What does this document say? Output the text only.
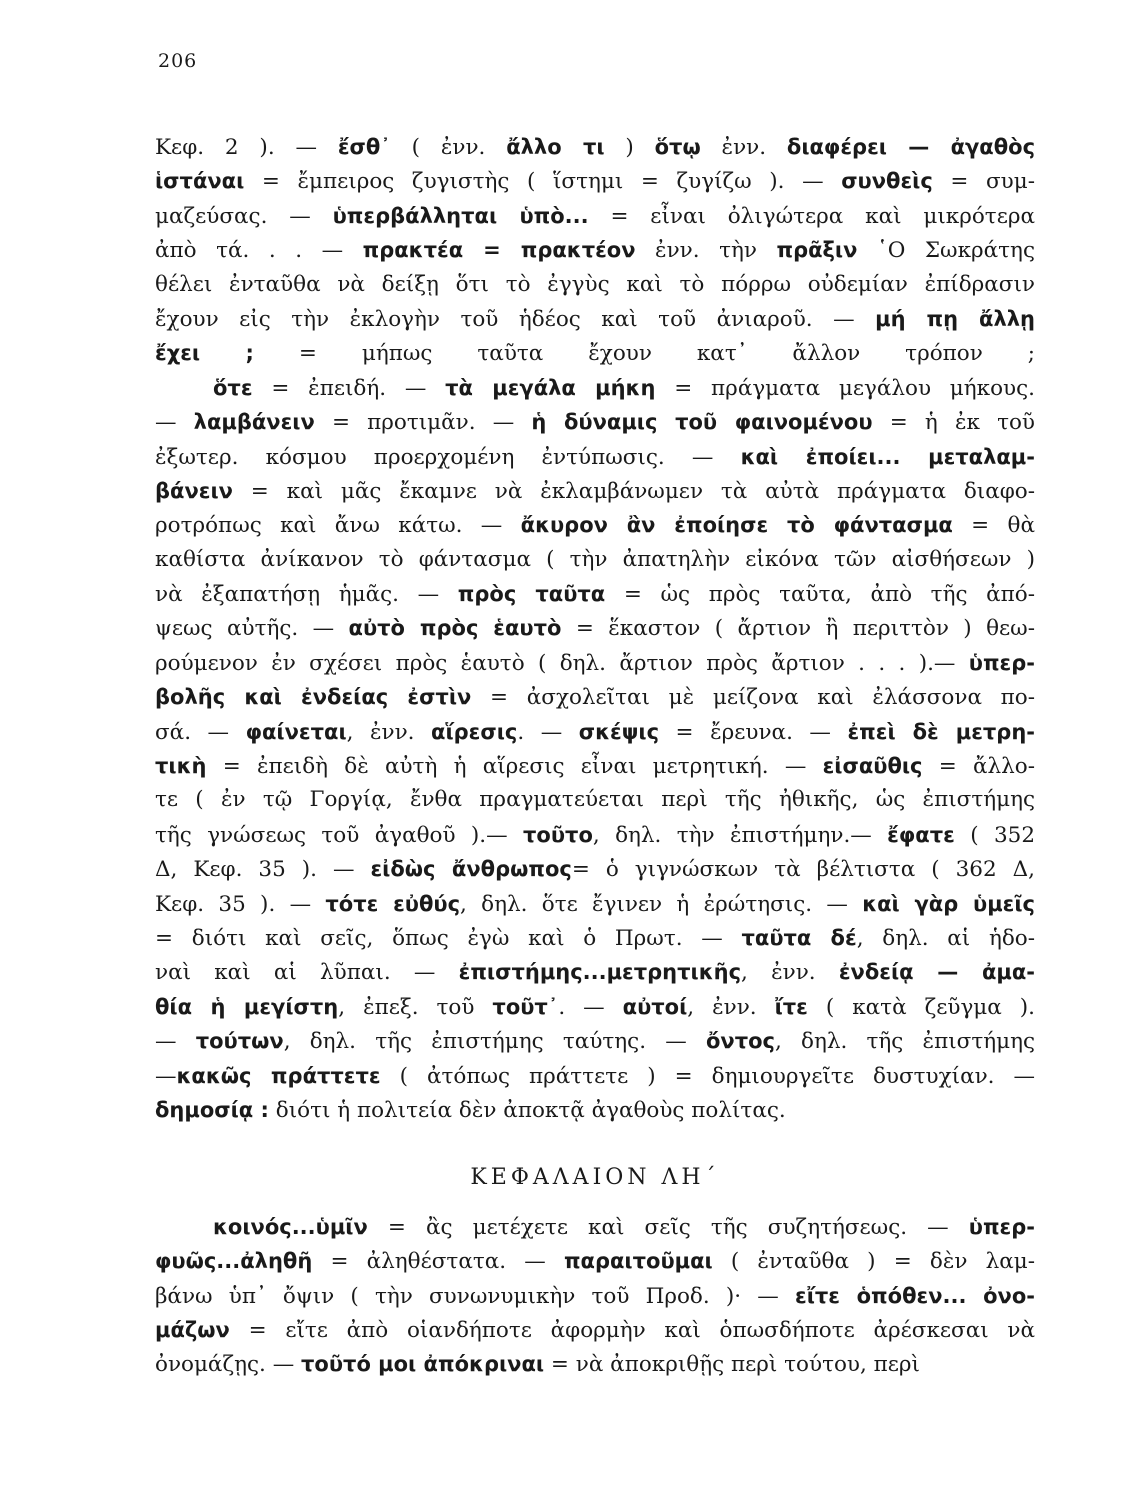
206
Κεφ. 2 ). — ἔσθ᾽ ( ἐνν. ἄλλο τι ) ὅτῳ ἐνν. διαφέρει — ἀγαθὸς
ἱστάναι = ἔμπειρος ζυγιστὴς ( ἵστημι = ζυγίζω ). — συνθεὶς = συμ-
μαζεύσας. — ὑπερβάλληται ὑπὸ... = εἶναι ὀλιγώτερα καὶ μικρότερα
ἀπὸ τά. . . — πρακτέα = πρακτέον ἐνν. τὴν πρᾶξιν ῾Ο Σωκράτης
θέλει ἐνταῦθα νὰ δείξῃ ὅτι τὸ ἐγγὺς καὶ τὸ πόρρω οὐδεμίαν ἐπίδρασιν
ἔχουν εἰς τὴν ἐκλογὴν τοῦ ἡδέος καὶ τοῦ ἀνιαροῦ. — μή πῃ ἄλλῃ
ἔχει ; = μήπως ταῦτα ἔχουν κατ᾽ ἄλλον τρόπον ;
ὅτε = ἐπειδή. — τὰ μεγάλα μήκη = πράγματα μεγάλου μήκους.
— λαμβάνειν = προτιμᾶν. — ἡ δύναμις τοῦ φαινομένου = ἡ ἐκ τοῦ
ἐξωτερ. κόσμου προερχομένη ἐντύπωσις. — καὶ ἐποίει... μεταλαμ-
βάνειν = καὶ μᾶς ἔκαμνε νὰ ἐκλαμβάνωμεν τὰ αὐτὰ πράγματα διαφο-
ροτρόπως καὶ ἄνω κάτω. — ἄκυρον ἂν ἐποίησε τὸ φάντασμα = θὰ
καθίστα ἀνίκανον τὸ φάντασμα ( τὴν ἀπατηλὴν εἰκόνα τῶν αἰσθήσεων )
νὰ ἐξαπατήσῃ ἡμᾶς. — πρὸς ταῦτα = ὡς πρὸς ταῦτα, ἀπὸ τῆς ἀπό-
ψεως αὐτῆς. — αὐτὸ πρὸς ἑαυτὸ = ἕκαστον ( ἄρτιον ἢ περιττὸν ) θεω-
ρούμενον ἐν σχέσει πρὸς ἑαυτὸ ( δηλ. ἄρτιον πρὸς ἄρτιον . . . ).— ὑπερ-
βολῆς καὶ ἐνδείας ἐστὶν = ἀσχολεῖται μὲ μείζονα καὶ ἐλάσσονα πο-
σά. — φαίνεται, ἐνν. αἵρεσις. — σκέψις = ἔρευνα. — ἐπεὶ δὲ μετρη-
τικὴ = ἐπειδὴ δὲ αὐτὴ ἡ αἵρεσις εἶναι μετρητική. — εἰσαῦθις = ἄλλο-
τε ( ἐν τῷ Γοργίᾳ, ἔνθα πραγματεύεται περὶ τῆς ἠθικῆς, ὡς ἐπιστήμης
τῆς γνώσεως τοῦ ἀγαθοῦ ).— τοῦτο, δηλ. τὴν ἐπιστήμην.— ἔφατε ( 352
Δ, Κεφ. 35 ). — εἰδὼς ἄνθρωπος= ὁ γιγνώσκων τὰ βέλτιστα ( 362 Δ,
Κεφ. 35 ). — τότε εὐθύς, δηλ. ὅτε ἔγινεν ἡ ἐρώτησις. — καὶ γὰρ ὑμεῖς
= διότι καὶ σεῖς, ὅπως ἐγὼ καὶ ὁ Πρωτ. — ταῦτα δέ, δηλ. αἱ ἡδο-
ναὶ καὶ αἱ λῦπαι. — ἐπιστήμης...μετρητικῆς, ἐνν. ἐνδείᾳ — ἀμα-
θία ἡ μεγίστη, ἐπεξ. τοῦ τοῦτ᾽. — αὐτοί, ἐνν. ἴτε ( κατὰ ζεῦγμα ).
— τούτων, δηλ. τῆς ἐπιστήμης ταύτης. — ὄντος, δηλ. τῆς ἐπιστήμης
—κακῶς πράττετε ( ἀτόπως πράττετε ) = δημιουργεῖτε δυστυχίαν. —
δημοσίᾳ : διότι ἡ πολιτεία δὲν ἀποκτᾷ ἀγαθοὺς πολίτας.
ΚΕΦΑΛΑΙΟΝ ΛΗ΄
κοινός...ὑμῖν = ἂς μετέχετε καὶ σεῖς τῆς συζητήσεως. — ὑπερ-
φυῶς...ἀληθῆ = ἀληθέστατα. — παραιτοῦμαι ( ἐνταῦθα ) = δὲν λαμ-
βάνω ὑπ᾽ ὄψιν ( τὴν συνωνυμικὴν τοῦ Προδ. )· — εἴτε ὁπόθεν... ὀνο-
μάζων = εἴτε ἀπὸ οἱανδήποτε ἀφορμὴν καὶ ὁπωσδήποτε ἀρέσκεσαι νὰ
ὀνομάζῃς. — τοῦτό μοι ἀπόκριναι = νὰ ἀποκριθῇς περὶ τούτου, περὶ
